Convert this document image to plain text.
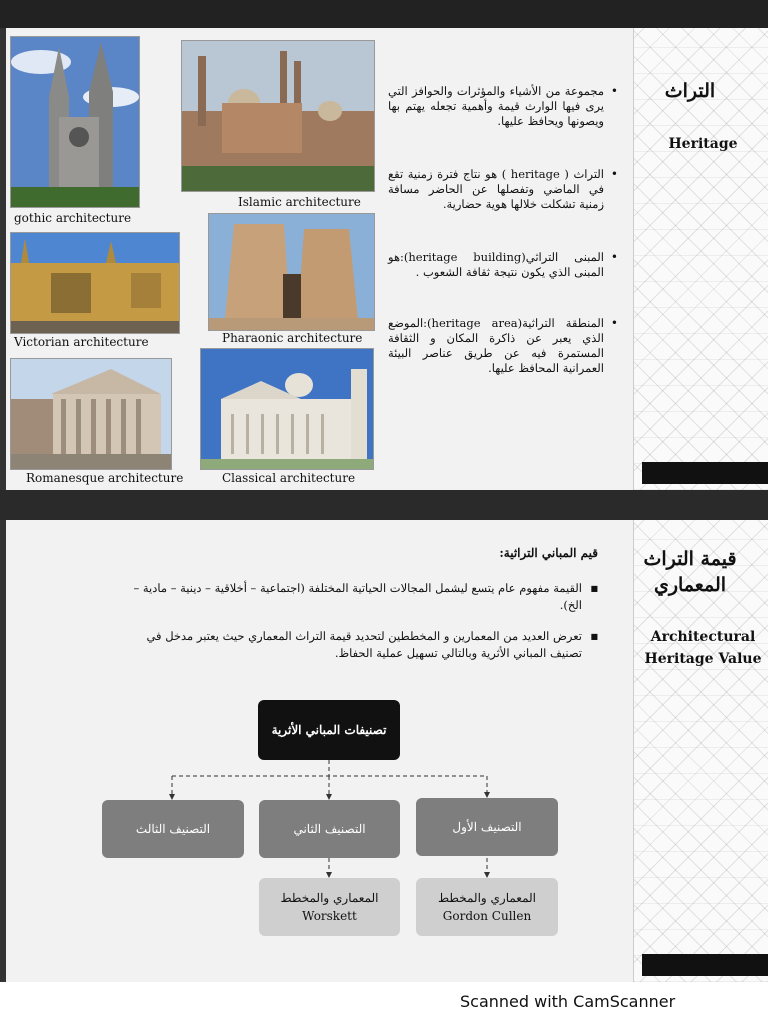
gothic architecture
Islamic architecture
Victorian architecture	Pharaonic architecture
Romanesque architecture	Classical architecture
• مجموعة من الأشياء والمؤثرات والحوافز التي يرى فيها الوارث قيمة وأهمية تجعله يهتم بها ويصونها ويحافظ عليها.
• التراث ( heritage ) هو نتاج فترة زمنية تقع في الماضي وتفصلها عن الحاضر مسافة زمنية تشكلت خلالها هوية حضارية.
• المبنى التراثي(heritage building):هو المبنى الذي يكون نتيجة ثقافة الشعوب .
• المنطقة التراثية(heritage area):الموضع الذي يعبر عن ذاكرة المكان و الثقافة المستمرة فيه عن طريق عناصر البيئة العمرانية المحافظ عليها.
التراث
Heritage
قيم المباني التراثية:
■ القيمة مفهوم عام يتسع ليشمل المجالات الحياتية المختلفة (اجتماعية – أخلاقية – دينية – مادية – الخ).
■ تعرض العديد من المعمارين و المخططين لتحديد قيمة التراث المعماري حيث يعتبر مدخل في تصنيف المباني الأثرية وبالتالي تسهيل عملية الحفاظ.
تصنيفات المباني الأثرية
التصنيف الثالث	التصنيف الثاني	التصنيف الأول
المعماري والمخطط
Worskett
المعماري والمخطط
Gordon Cullen
قيمة التراث المعماري
Architectural Heritage Value
Scanned with CamScanner
